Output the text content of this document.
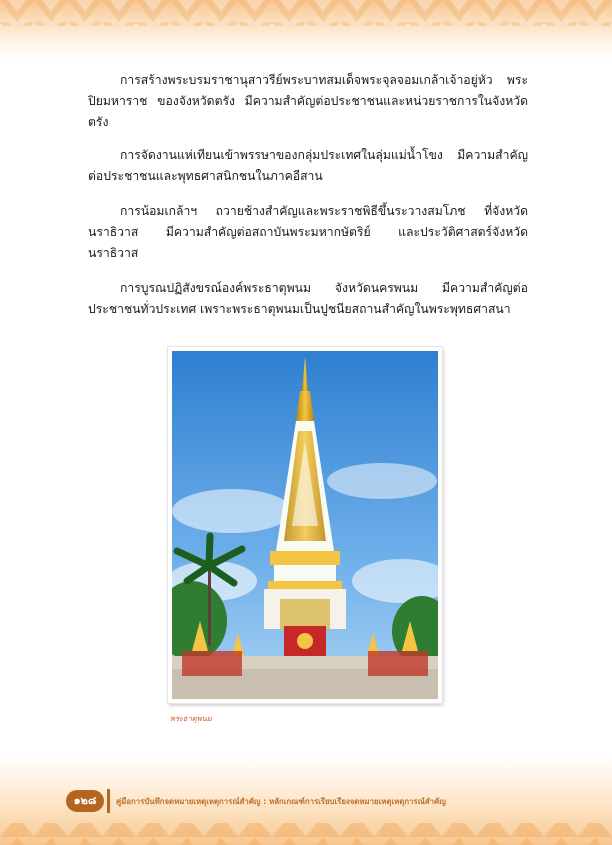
การสร้างพระบรมราชานุสาวรีย์พระบาทสมเด็จพระจุลจอมเกล้าเจ้าอยู่หัว พระปิยมหาราช ของจังหวัดตรัง มีความสำคัญต่อประชาชนและหน่วยราชการในจังหวัดตรัง

การจัดงานแห่เทียนเข้าพรรษาของกลุ่มประเทศในลุ่มแม่น้ำโขง มีความสำคัญต่อประชาชนและพุทธศาสนิกชนในภาคอีสาน

การน้อมเกล้าฯ ถวายช้างสำคัญและพระราชพิธีขึ้นระวางสมโภช ที่จังหวัดนราธิวาส มีความสำคัญต่อสถาบันพระมหากษัตริย์ และประวัติศาสตร์จังหวัดนราธิวาส

การบูรณปฏิสังขรณ์องค์พระธาตุพนม จังหวัดนครพนม มีความสำคัญต่อประชาชนทั่วประเทศ เพราะพระธาตุพนมเป็นปูชนียสถานสำคัญในพระพุทธศาสนา

พระธาตุพนม
๑๒๘	คู่มือการบันทึกจดหมายเหตุเหตุการณ์สำคัญ : หลักเกณฑ์การเรียบเรียงจดหมายเหตุเหตุการณ์สำคัญ
